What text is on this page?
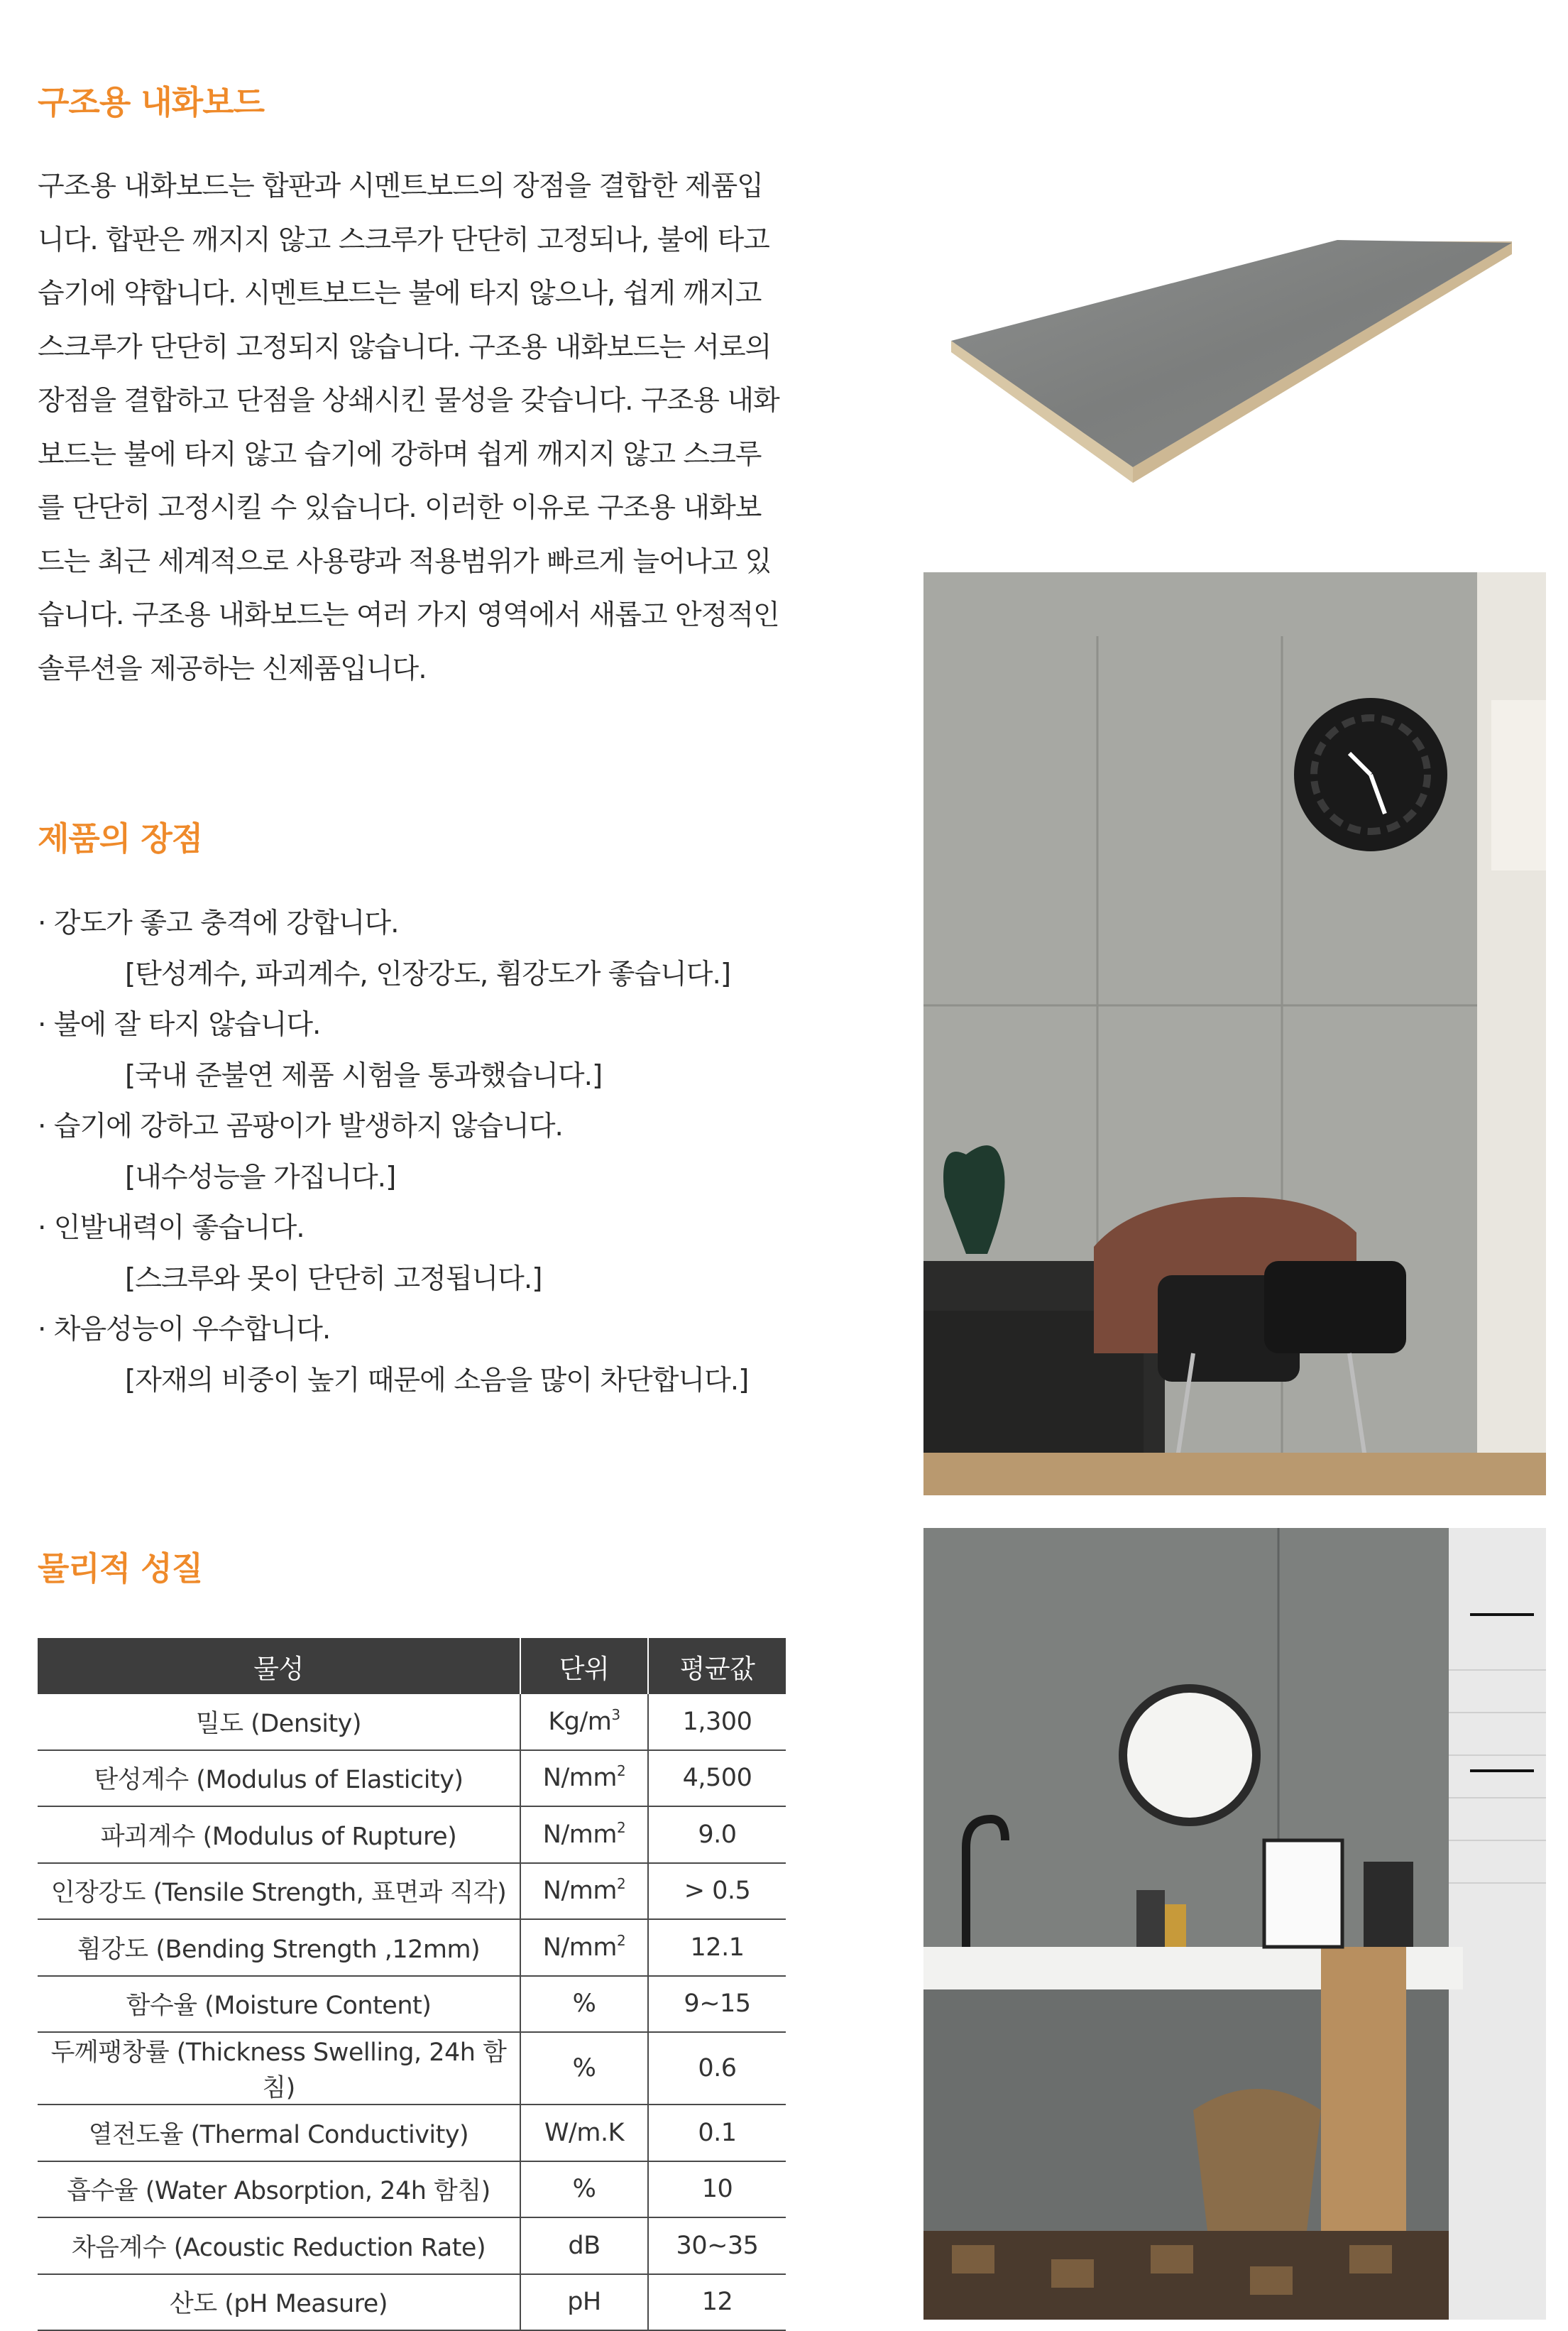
구조용 내화보드

구조용 내화보드는 합판과 시멘트보드의 장점을 결합한 제품입

니다. 합판은 깨지지 않고 스크루가 단단히 고정되나, 불에 타고

습기에 약합니다. 시멘트보드는 불에 타지 않으나, 쉽게 깨지고

스크루가 단단히 고정되지 않습니다. 구조용 내화보드는 서로의

장점을 결합하고 단점을 상쇄시킨 물성을 갖습니다. 구조용 내화

보드는 불에 타지 않고 습기에 강하며 쉽게 깨지지 않고 스크루

를 단단히 고정시킬 수 있습니다. 이러한 이유로 구조용 내화보

드는 최근 세계적으로 사용량과 적용범위가 빠르게 늘어나고 있

습니다. 구조용 내화보드는 여러 가지 영역에서 새롭고 안정적인

솔루션을 제공하는 신제품입니다.

제품의 장점
· 강도가 좋고 충격에 강합니다.
[탄성계수, 파괴계수, 인장강도, 휨강도가 좋습니다.]
· 불에 잘 타지 않습니다.
[국내 준불연 제품 시험을 통과했습니다.]
· 습기에 강하고 곰팡이가 발생하지 않습니다.
[내수성능을 가집니다.]
· 인발내력이 좋습니다.
[스크루와 못이 단단히 고정됩니다.]
· 차음성능이 우수합니다.
[자재의 비중이 높기 때문에 소음을 많이 차단합니다.]
물리적 성질
물성	단위	평균값
밀도 (Density)	$Kg/m^3$	1,300
탄성계수 (Modulus of Elasticity)	$N/mm^2$	4,500
파괴계수 (Modulus of Rupture)	$N/mm^2$	9.0
인장강도 (Tensile Strength, 표면과 직각)	$N/mm^2$	> 0.5
휨강도 (Bending Strength ,12mm)	$N/mm^2$	12.1
함수율 (Moisture Content)	%	9~15
두께팽창률 (Thickness Swelling, 24h 함침)	%	0.6
열전도율 (Thermal Conductivity)	W/m.K	0.1
흡수율 (Water Absorption, 24h 함침)	%	10
차음계수 (Acoustic Reduction Rate)	dB	30~35
산도 (pH Measure)	pH	12
